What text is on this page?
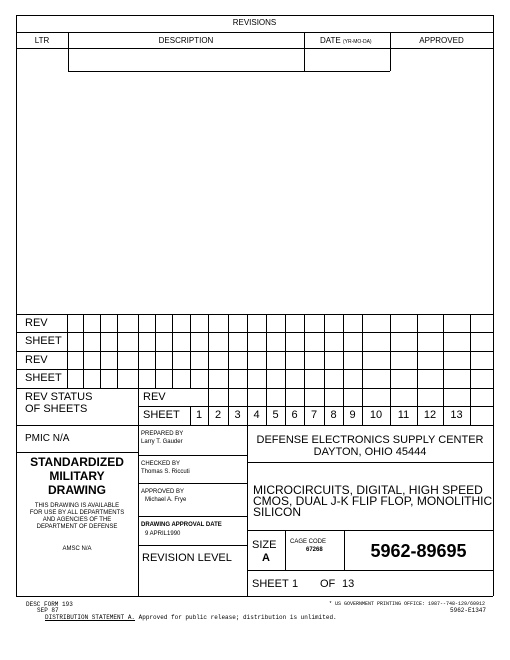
REVISIONS
LTR	DESCRIPTION	DATE (YR-MO-DA)	APPROVED
REV
SHEET
REV
SHEET
REV STATUS
OF SHEETS
REV
SHEET	1	2	3	4	5	6	7	8	9	10	11	12	13
PMIC N/A
STANDARDIZED
MILITARY
DRAWING
THIS DRAWING IS AVAILABLE
FOR USE BY ALL DEPARTMENTS
AND AGENCIES OF THE
DEPARTMENT OF DEFENSE
AMSC N/A
PREPARED BY
Larry T. Gauder
CHECKED BY
Thomas S. Riccuti
APPROVED BY
Michael A. Frye
DRAWING APPROVAL DATE
9 APRIL1990
REVISION LEVEL
DEFENSE ELECTRONICS SUPPLY CENTER
DAYTON, OHIO 45444
MICROCIRCUITS, DIGITAL, HIGH SPEED
CMOS, DUAL J-K FLIP FLOP, MONOLITHIC
SILICON
SIZE
A
CAGE CODE
67268	5962-89695
SHEET 1 OF 13
DESC FORM 193
SEP 87
* US GOVERNMENT PRINTING OFFICE: 1987--748-129/60912
5962-E1347
DISTRIBUTION STATEMENT A. Approved for public release; distribution is unlimited.
